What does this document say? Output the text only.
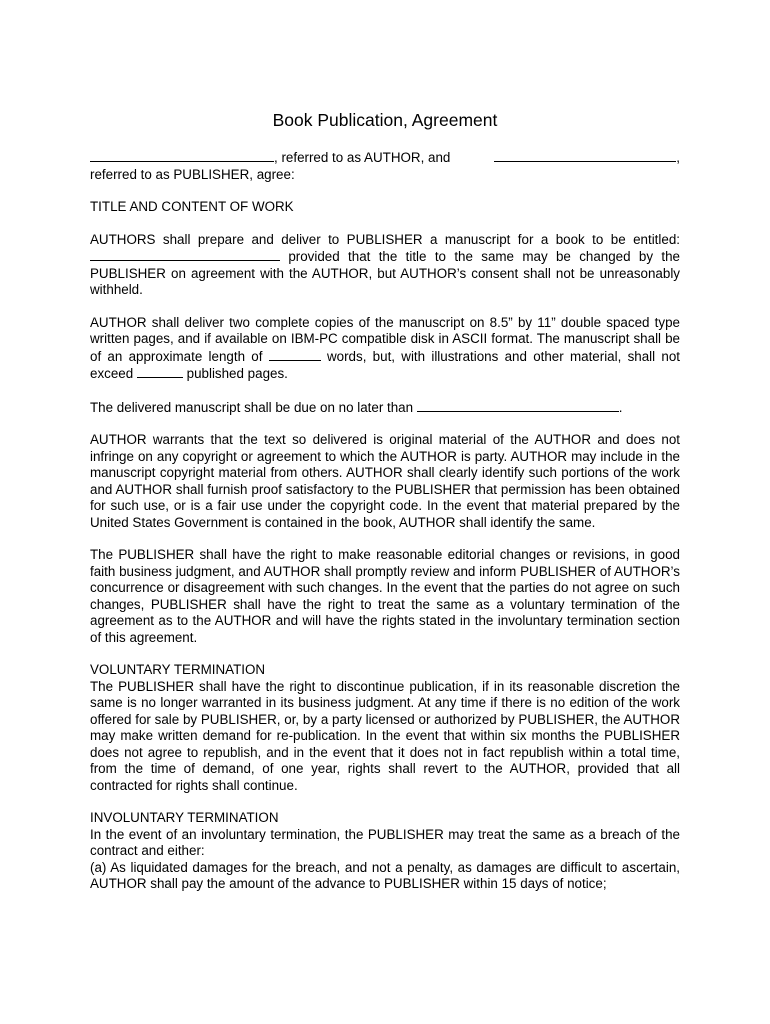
Book Publication, Agreement
, referred to as AUTHOR, and	,

referred to as PUBLISHER, agree:

TITLE AND CONTENT OF WORK

AUTHORS shall prepare and deliver to PUBLISHER a manuscript for a book to be entitled:  provided that the title to the same may be changed by the PUBLISHER on agreement with the AUTHOR, but AUTHOR’s consent shall not be unreasonably withheld.

AUTHOR shall deliver two complete copies of the manuscript on 8.5” by 11” double spaced type written pages, and if available on IBM-PC compatible disk in ASCII format. The manuscript shall be of an approximate length of	words, but, with illustrations and other material, shall not exceed	published pages.

The delivered manuscript shall be due on no later than	.

AUTHOR warrants that the text so delivered is original material of the AUTHOR and does not infringe on any copyright or agreement to which the AUTHOR is party. AUTHOR may include in the manuscript copyright material from others. AUTHOR shall clearly identify such portions of the work and AUTHOR shall furnish proof satisfactory to the PUBLISHER that permission has been obtained for such use, or is a fair use under the copyright code. In the event that material prepared by the United States Government is contained in the book, AUTHOR shall identify the same.

The PUBLISHER shall have the right to make reasonable editorial changes or revisions, in good faith business judgment, and AUTHOR shall promptly review and inform PUBLISHER of AUTHOR’s concurrence or disagreement with such changes. In the event that the parties do not agree on such changes, PUBLISHER shall have the right to treat the same as a voluntary termination of the agreement as to the AUTHOR and will have the rights stated in the involuntary termination section of this agreement.

VOLUNTARY TERMINATION

The PUBLISHER shall have the right to discontinue publication, if in its reasonable discretion the same is no longer warranted in its business judgment. At any time if there is no edition of the work offered for sale by PUBLISHER, or, by a party licensed or authorized by PUBLISHER, the AUTHOR may make written demand for re-publication. In the event that within six months the PUBLISHER does not agree to republish, and in the event that it does not in fact republish within a total time, from the time of demand, of one year, rights shall revert to the AUTHOR, provided that all contracted for rights shall continue.

INVOLUNTARY TERMINATION

In the event of an involuntary termination, the PUBLISHER may treat the same as a breach of the contract and either:

(a) As liquidated damages for the breach, and not a penalty, as damages are difficult to ascertain, AUTHOR shall pay the amount of the advance to PUBLISHER within 15 days of notice;
